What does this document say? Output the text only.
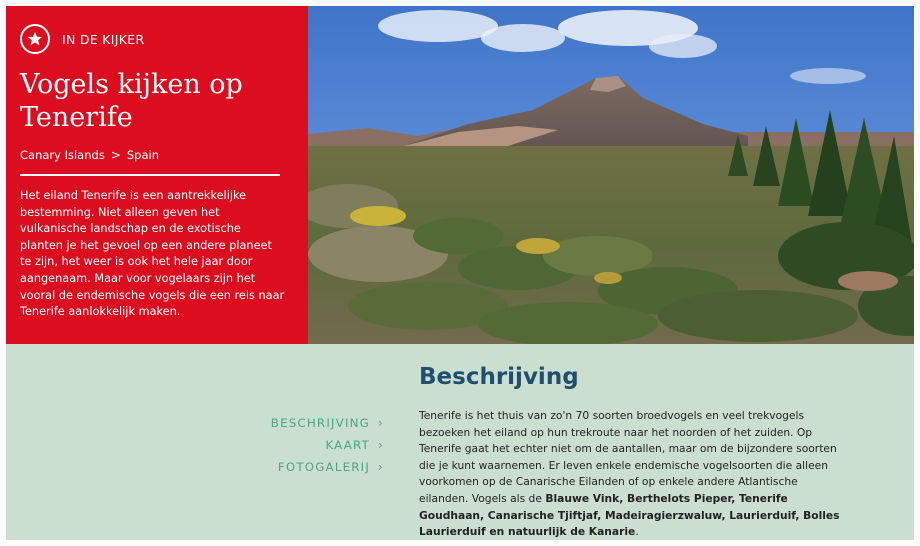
IN DE KIJKER
Vogels kijken op Tenerife
Canary Islands > Spain

Het eiland Tenerife is een aantrekkelijke bestemming. Niet alleen geven het vulkanische landschap en de exotische planten je het gevoel op een andere planeet te zijn, het weer is ook het hele jaar door aangenaam. Maar voor vogelaars zijn het vooral de endemische vogels die een reis naar Tenerife aanlokkelijk maken.

BESCHRIJVING ›
KAART ›
FOTOGALERIJ ›
Beschrijving

Tenerife is het thuis van zo'n 70 soorten broedvogels en veel trekvogels bezoeken het eiland op hun trekroute naar het noorden of het zuiden. Op Tenerife gaat het echter niet om de aantallen, maar om de bijzondere soorten die je kunt waarnemen. Er leven enkele endemische vogelsoorten die alleen voorkomen op de Canarische Eilanden of op enkele andere Atlantische eilanden. Vogels als de Blauwe Vink, Berthelots Pieper, Tenerife Goudhaan, Canarische Tjiftjaf, Madeiragierzwaluw, Laurierduif, Bolles Laurierduif en natuurlijk de Kanarie.
